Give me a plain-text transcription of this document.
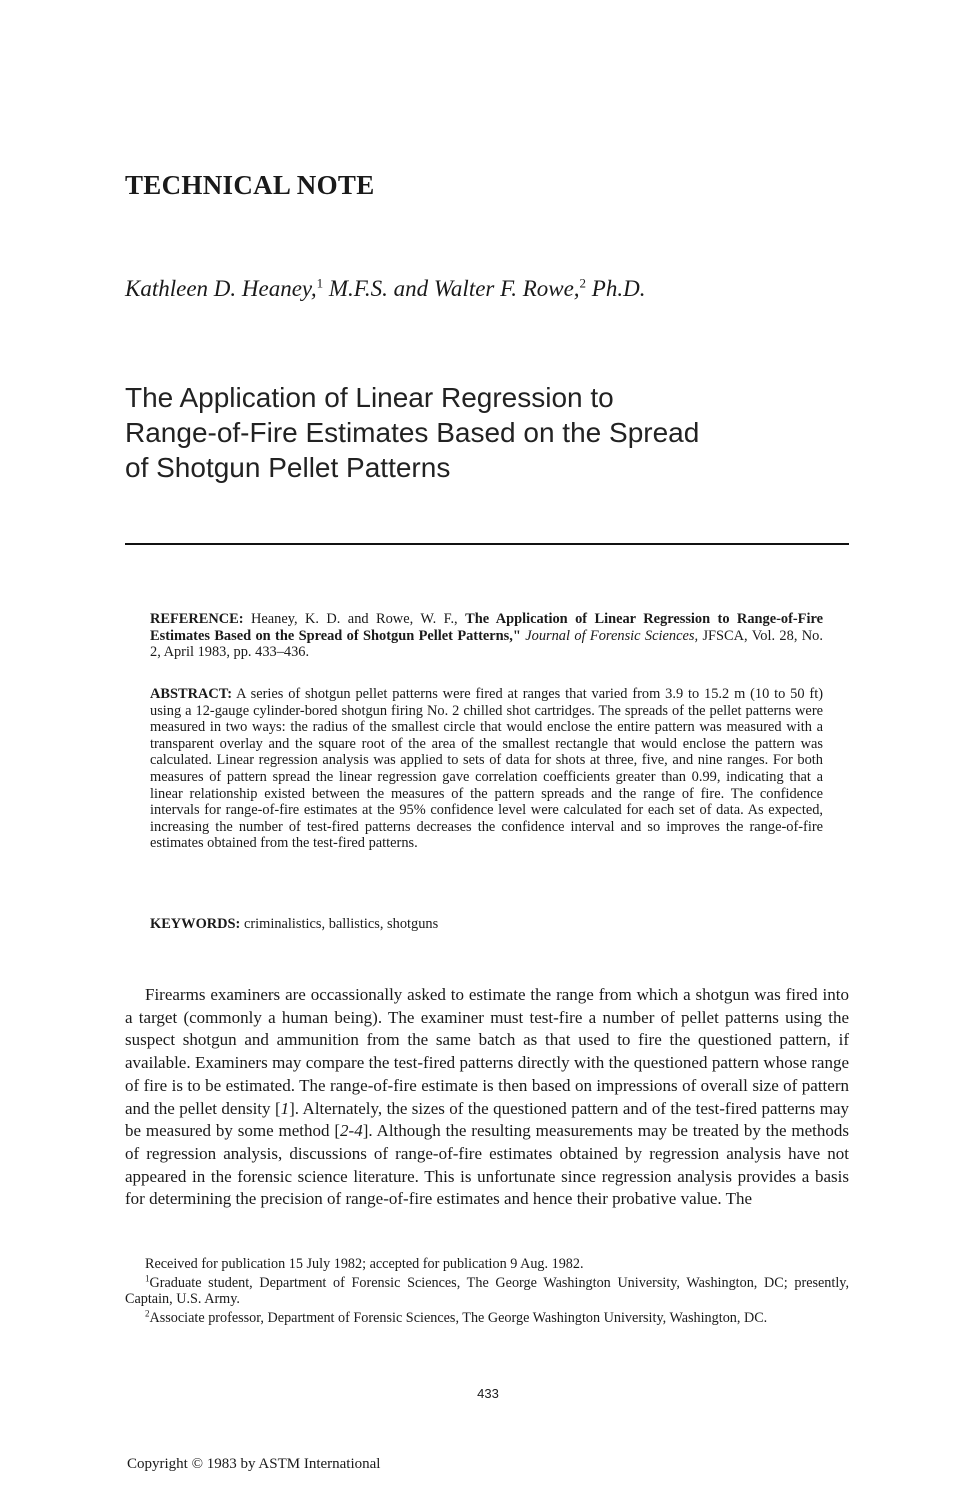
TECHNICAL NOTE
Kathleen D. Heaney,$^1$ M.F.S. and Walter F. Rowe,$^2$ Ph.D.
The Application of Linear Regression to
Range-of-Fire Estimates Based on the Spread
of Shotgun Pellet Patterns
REFERENCE: Heaney, K. D. and Rowe, W. F., The Application of Linear Regression to Range-of-Fire Estimates Based on the Spread of Shotgun Pellet Patterns," Journal of Forensic Sciences, JFSCA, Vol. 28, No. 2, April 1983, pp. 433–436.
ABSTRACT: A series of shotgun pellet patterns were fired at ranges that varied from 3.9 to 15.2 m (10 to 50 ft) using a 12-gauge cylinder-bored shotgun firing No. 2 chilled shot cartridges. The spreads of the pellet patterns were measured in two ways: the radius of the smallest circle that would enclose the entire pattern was measured with a transparent overlay and the square root of the area of the smallest rectangle that would enclose the pattern was calculated. Linear regression analysis was applied to sets of data for shots at three, five, and nine ranges. For both measures of pattern spread the linear regression gave correlation coefficients greater than 0.99, indicating that a linear relationship existed between the measures of the pattern spreads and the range of fire. The confidence intervals for range-of-fire estimates at the 95% confidence level were calculated for each set of data. As expected, increasing the number of test-fired patterns decreases the confidence interval and so improves the range-of-fire estimates obtained from the test-fired patterns.
KEYWORDS: criminalistics, ballistics, shotguns

Firearms examiners are occassionally asked to estimate the range from which a shotgun was fired into a target (commonly a human being). The examiner must test-fire a number of pellet patterns using the suspect shotgun and ammunition from the same batch as that used to fire the questioned pattern, if available. Examiners may compare the test-fired patterns directly with the questioned pattern whose range of fire is to be estimated. The range-of-fire estimate is then based on impressions of overall size of pattern and the pellet density [1]. Alternately, the sizes of the questioned pattern and of the test-fired patterns may be measured by some method [2-4]. Although the resulting measurements may be treated by the methods of regression analysis, discussions of range-of-fire estimates obtained by regression analysis have not appeared in the forensic science literature. This is unfortunate since regression analysis provides a basis for determining the precision of range-of-fire estimates and hence their probative value. The

Received for publication 15 July 1982; accepted for publication 9 Aug. 1982.

$^1$Graduate student, Department of Forensic Sciences, The George Washington University, Washington, DC; presently, Captain, U.S. Army.

$^2$Associate professor, Department of Forensic Sciences, The George Washington University, Washington, DC.

433
Copyright © 1983 by ASTM International
